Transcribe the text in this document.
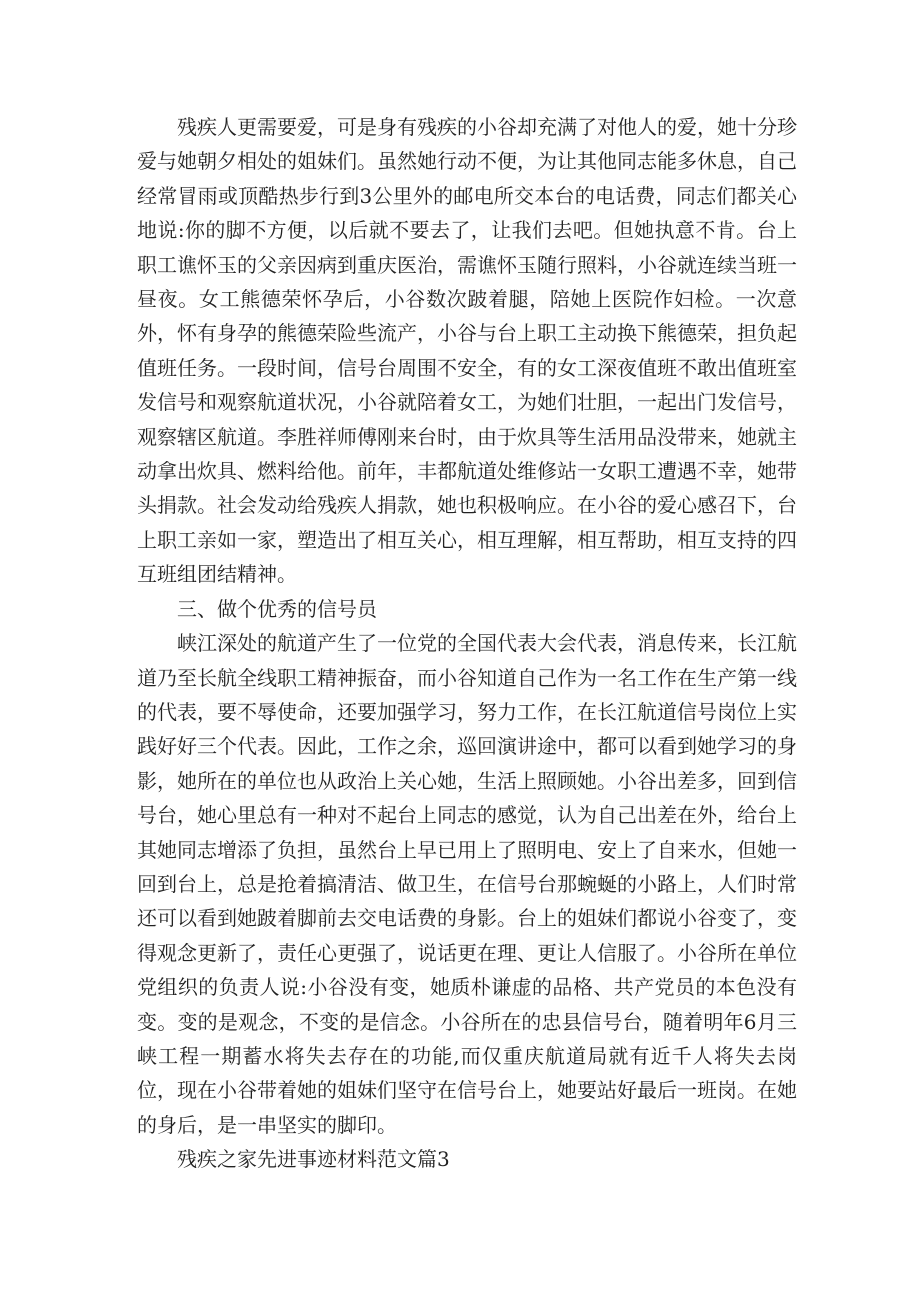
残疾人更需要爱，可是身有残疾的小谷却充满了对他人的爱，她十分珍爱与她朝夕相处的姐妹们。虽然她行动不便，为让其他同志能多休息，自己经常冒雨或顶酷热步行到3公里外的邮电所交本台的电话费，同志们都关心地说:你的脚不方便，以后就不要去了，让我们去吧。但她执意不肯。台上职工谯怀玉的父亲因病到重庆医治，需谯怀玉随行照料，小谷就连续当班一昼夜。女工熊德荣怀孕后，小谷数次跛着腿，陪她上医院作妇检。一次意外，怀有身孕的熊德荣险些流产，小谷与台上职工主动换下熊德荣，担负起值班任务。一段时间，信号台周围不安全，有的女工深夜值班不敢出值班室发信号和观察航道状况，小谷就陪着女工，为她们壮胆，一起出门发信号，观察辖区航道。李胜祥师傅刚来台时，由于炊具等生活用品没带来，她就主动拿出炊具、燃料给他。前年，丰都航道处维修站一女职工遭遇不幸，她带头捐款。社会发动给残疾人捐款，她也积极响应。在小谷的爱心感召下，台上职工亲如一家，塑造出了相互关心，相互理解，相互帮助，相互支持的四互班组团结精神。

三、做个优秀的信号员

峡江深处的航道产生了一位党的全国代表大会代表，消息传来，长江航道乃至长航全线职工精神振奋，而小谷知道自己作为一名工作在生产第一线的代表，要不辱使命，还要加强学习，努力工作，在长江航道信号岗位上实践好好三个代表。因此，工作之余，巡回演讲途中，都可以看到她学习的身影，她所在的单位也从政治上关心她，生活上照顾她。小谷出差多，回到信号台，她心里总有一种对不起台上同志的感觉，认为自己出差在外，给台上其她同志增添了负担，虽然台上早已用上了照明电、安上了自来水，但她一回到台上，总是抢着搞清洁、做卫生，在信号台那蜿蜒的小路上，人们时常还可以看到她跛着脚前去交电话费的身影。台上的姐妹们都说小谷变了，变得观念更新了，责任心更强了，说话更在理、更让人信服了。小谷所在单位党组织的负责人说:小谷没有变，她质朴谦虚的品格、共产党员的本色没有变。变的是观念，不变的是信念。小谷所在的忠县信号台，随着明年6月三峡工程一期蓄水将失去存在的功能,而仅重庆航道局就有近千人将失去岗位，现在小谷带着她的姐妹们坚守在信号台上，她要站好最后一班岗。在她的身后，是一串坚实的脚印。

残疾之家先进事迹材料范文篇3
